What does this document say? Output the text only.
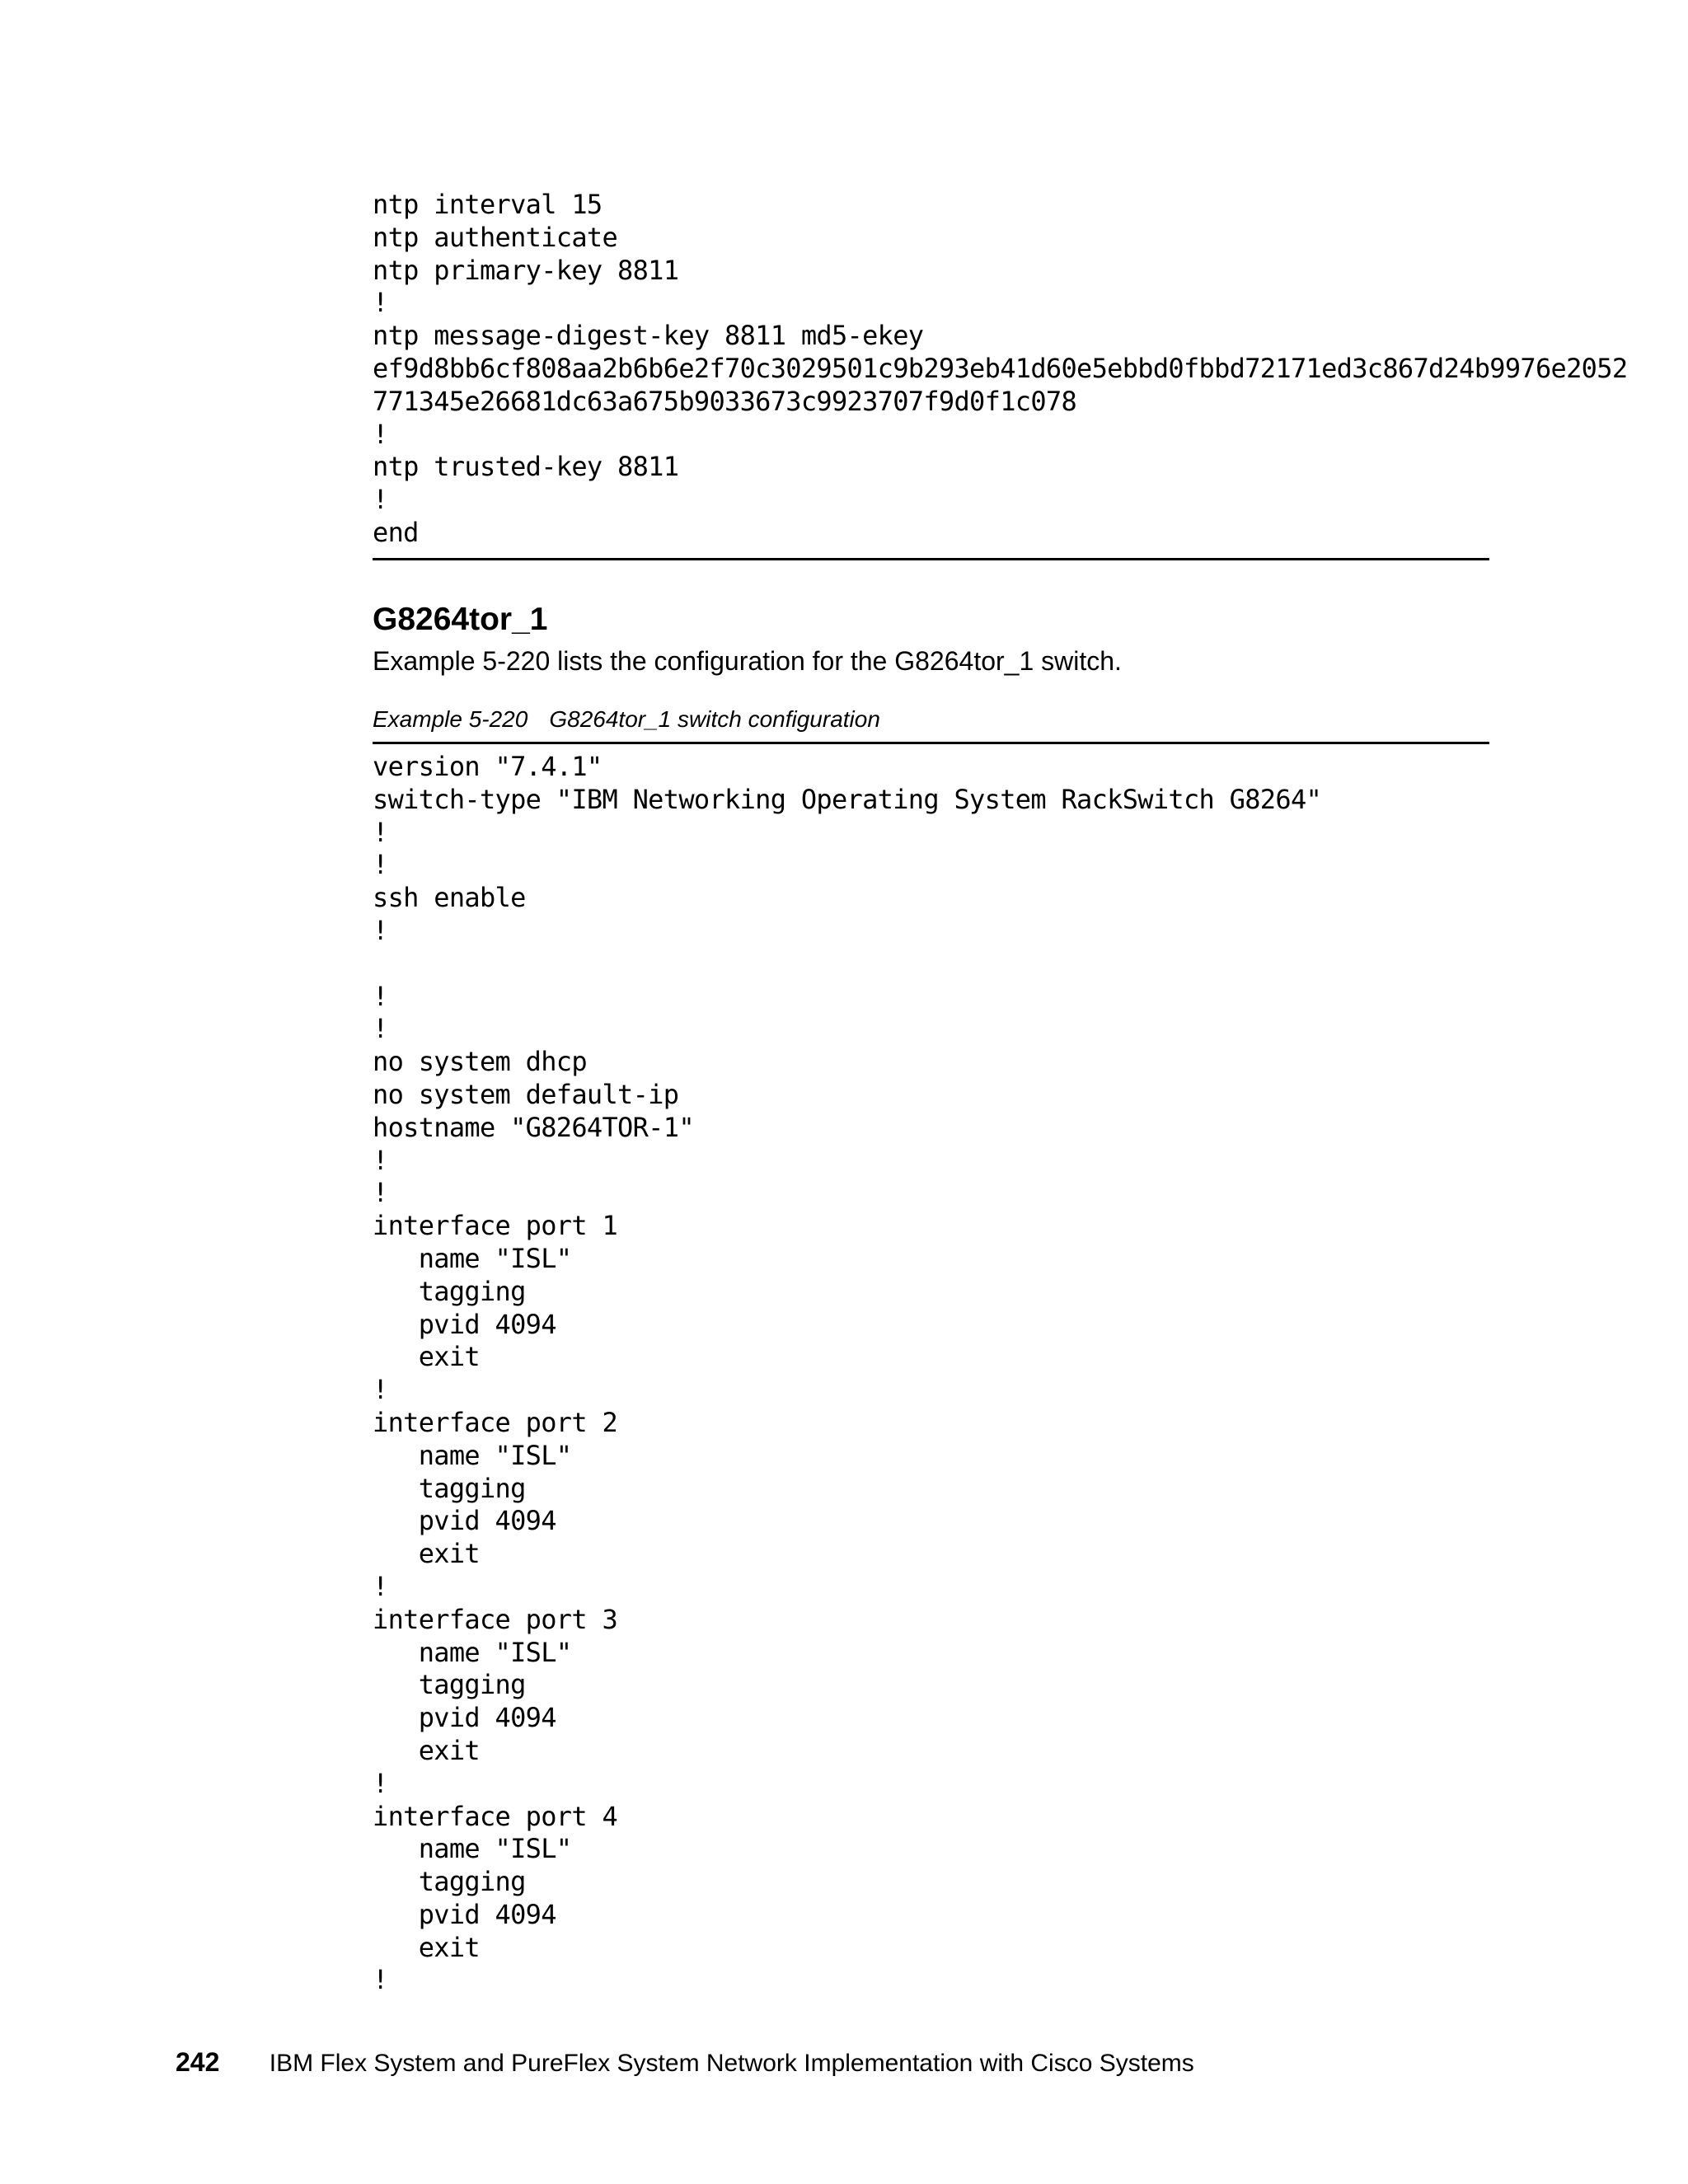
ntp interval 15
ntp authenticate
ntp primary-key 8811
!
ntp message-digest-key 8811 md5-ekey
ef9d8bb6cf808aa2b6b6e2f70c3029501c9b293eb41d60e5ebbd0fbbd72171ed3c867d24b9976e2052
771345e26681dc63a675b9033673c9923707f9d0f1c078
!
ntp trusted-key 8811
!
end
G8264tor_1
Example 5-220 lists the configuration for the G8264tor_1 switch.
Example 5-220 G8264tor_1 switch configuration
version "7.4.1"
switch-type "IBM Networking Operating System RackSwitch G8264"
!
!
ssh enable
!
!
!
no system dhcp
no system default-ip
hostname "G8264TOR-1"
!
!
interface port 1
name "ISL"
tagging
pvid 4094
exit
!
interface port 2
name "ISL"
tagging
pvid 4094
exit
!
interface port 3
name "ISL"
tagging
pvid 4094
exit
!
interface port 4
name "ISL"
tagging
pvid 4094
exit
!
242 IBM Flex System and PureFlex System Network Implementation with Cisco Systems
